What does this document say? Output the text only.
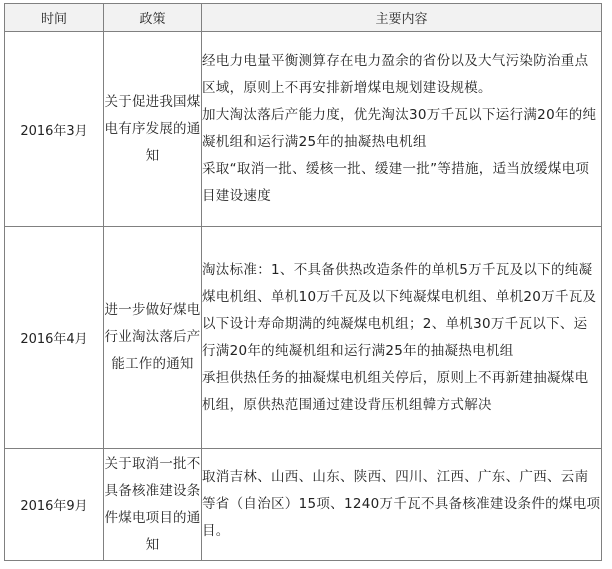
时间	政策	主要内容
2016年3月	关于促进我国煤电有序发展的通知	经电力电量平衡测算存在电力盈余的省份以及大气污染防治重点区域，原则上不再安排新增煤电规划建设规模。

加大淘汰落后产能力度，优先淘汰30万千瓦以下运行满20年的纯凝机组和运行满25年的抽凝热电机组

采取“取消一批、缓核一批、缓建一批”等措施，适当放缓煤电项目建设速度

2016年4月	进一步做好煤电行业淘汰落后产能工作的通知	淘汰标准：1、不具备供热改造条件的单机5万千瓦及以下的纯凝煤电机组、单机10万千瓦及以下纯凝煤电机组、单机20万千瓦及以下设计寿命期满的纯凝煤电机组；2、单机30万千瓦以下、运行满20年的纯凝机组和运行满25年的抽凝热电机组

承担供热任务的抽凝煤电机组关停后，原则上不再新建抽凝煤电机组，原供热范围通过建设背压机组韓方式解决

2016年9月	关于取消一批不具备核准建设条件煤电项目的通知	取消吉林、山西、山东、陕西、四川、江西、广东、广西、云南等省（自治区）15项、1240万千瓦不具备核准建设条件的煤电项目。
